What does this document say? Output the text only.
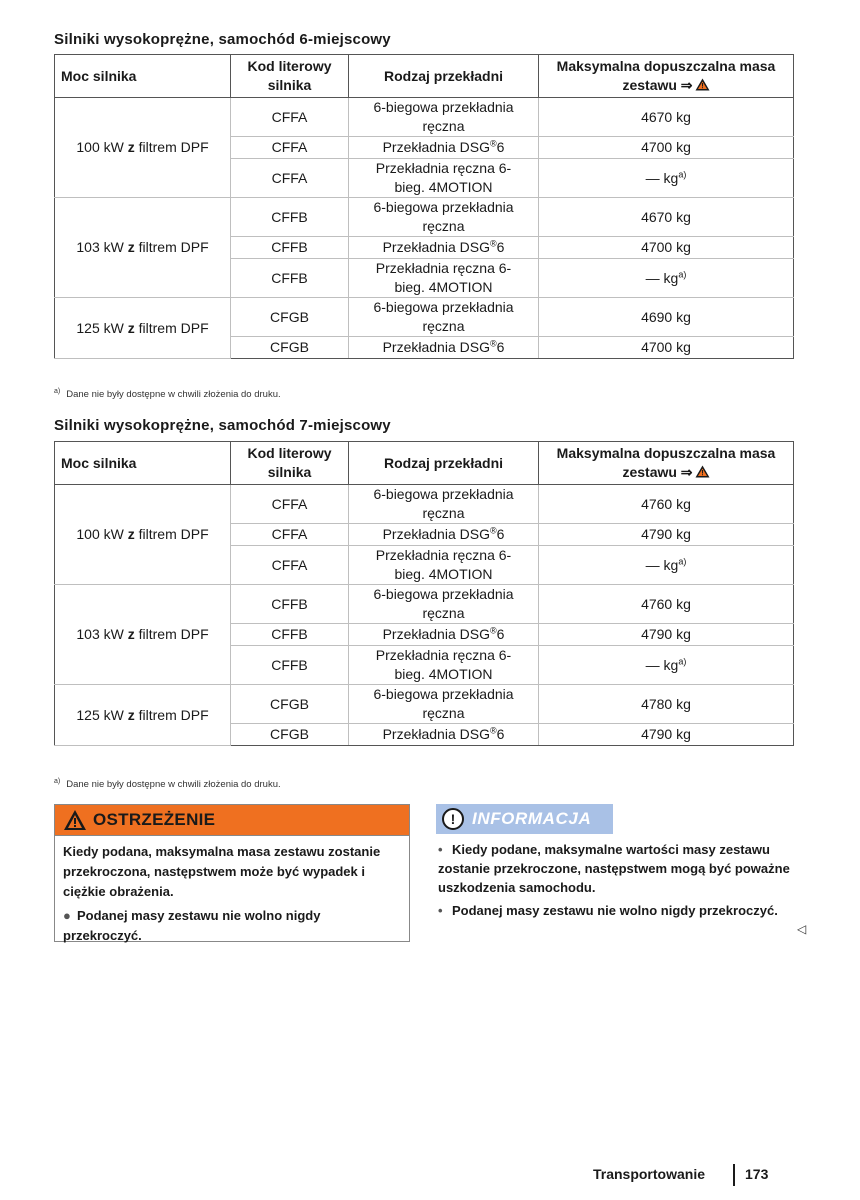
Silniki wysokoprężne, samochód 6-miejscowy
Moc silnika	Kod literowy silnika	Rodzaj przekładni	Maksymalna dopuszczalna masa zestawu ⇒
100 kW z filtrem DPF	CFFA	6-biegowa przekładnia ręczna	4670 kg
	CFFA	Przekładnia DSG®6	4700 kg
	CFFA	Przekładnia ręczna 6-bieg. 4MOTION	— $kg^{a)}$
103 kW z filtrem DPF	CFFB	6-biegowa przekładnia ręczna	4670 kg
	CFFB	Przekładnia DSG®6	4700 kg
	CFFB	Przekładnia ręczna 6-bieg. 4MOTION	— $kg^{a)}$
125 kW z filtrem DPF	CFGB	6-biegowa przekładnia ręczna	4690 kg
	CFGB	Przekładnia DSG®6	4700 kg
$^{a)}$ Dane nie były dostępne w chwili złożenia do druku.
Silniki wysokoprężne, samochód 7-miejscowy
Moc silnika	Kod literowy silnika	Rodzaj przekładni	Maksymalna dopuszczalna masa zestawu ⇒
100 kW z filtrem DPF	CFFA	6-biegowa przekładnia ręczna	4760 kg
	CFFA	Przekładnia DSG®6	4790 kg
	CFFA	Przekładnia ręczna 6-bieg. 4MOTION	— $kg^{a)}$
103 kW z filtrem DPF	CFFB	6-biegowa przekładnia ręczna	4760 kg
	CFFB	Przekładnia DSG®6	4790 kg
	CFFB	Przekładnia ręczna 6-bieg. 4MOTION	— $kg^{a)}$
125 kW z filtrem DPF	CFGB	6-biegowa przekładnia ręczna	4780 kg
	CFGB	Przekładnia DSG®6	4790 kg
$^{a)}$ Dane nie były dostępne w chwili złożenia do druku.
OSTRZEŻENIE

Kiedy podana, maksymalna masa zestawu zostanie przekroczona, następstwem może być wypadek i ciężkie obrażenia.

● Podanej masy zestawu nie wolno nigdy przekroczyć.

! INFORMACJA

• Kiedy podane, maksymalne wartości masy zestawu zostanie przekroczone, następstwem mogą być poważne uszkodzenia samochodu.

• Podanej masy zestawu nie wolno nigdy przekroczyć.

◁
Transportowanie	173
